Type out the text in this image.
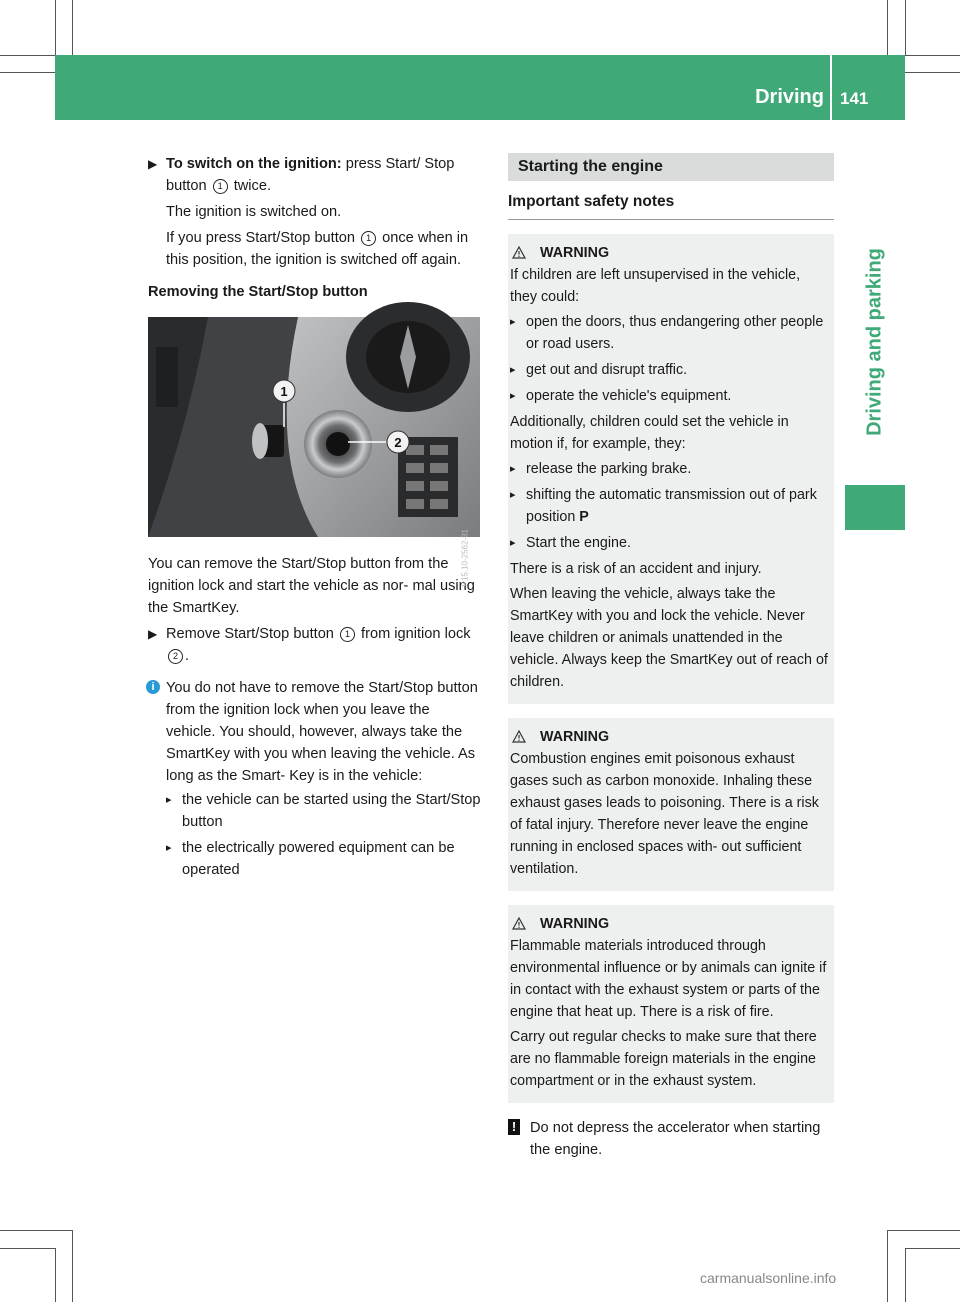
Driving 141
Driving and parking
▶ To switch on the ignition: press Start/ Stop button 1 twice.
The ignition is switched on.
If you press Start/Stop button 1 once when in this position, the ignition is switched off again.
Removing the Start/Stop button
1
2
P15.10-2562-31
You can remove the Start/Stop button from the ignition lock and start the vehicle as nor- mal using the SmartKey.
▶ Remove Start/Stop button 1 from ignition lock 2 .
i You do not have to remove the Start/Stop button from the ignition lock when you leave the vehicle. You should, however, always take the SmartKey with you when leaving the vehicle. As long as the Smart- Key is in the vehicle:
▸ the vehicle can be started using the Start/Stop button
▸ the electrically powered equipment can be operated
Starting the engine
Important safety notes
WARNING

If children are left unsupervised in the vehicle, they could:

▸ open the doors, thus endangering other people or road users.
▸ get out and disrupt traffic.
▸ operate the vehicle's equipment.

Additionally, children could set the vehicle in motion if, for example, they:

▸ release the parking brake.
▸ shifting the automatic transmission out of park position P
▸ Start the engine.

There is a risk of an accident and injury.

When leaving the vehicle, always take the SmartKey with you and lock the vehicle. Never leave children or animals unattended in the vehicle. Always keep the SmartKey out of reach of children.

WARNING

Combustion engines emit poisonous exhaust gases such as carbon monoxide. Inhaling these exhaust gases leads to poisoning. There is a risk of fatal injury. Therefore never leave the engine running in enclosed spaces with- out sufficient ventilation.

WARNING

Flammable materials introduced through environmental influence or by animals can ignite if in contact with the exhaust system or parts of the engine that heat up. There is a risk of fire.

Carry out regular checks to make sure that there are no flammable foreign materials in the engine compartment or in the exhaust system.

! Do not depress the accelerator when starting the engine.
carmanualsonline.info
